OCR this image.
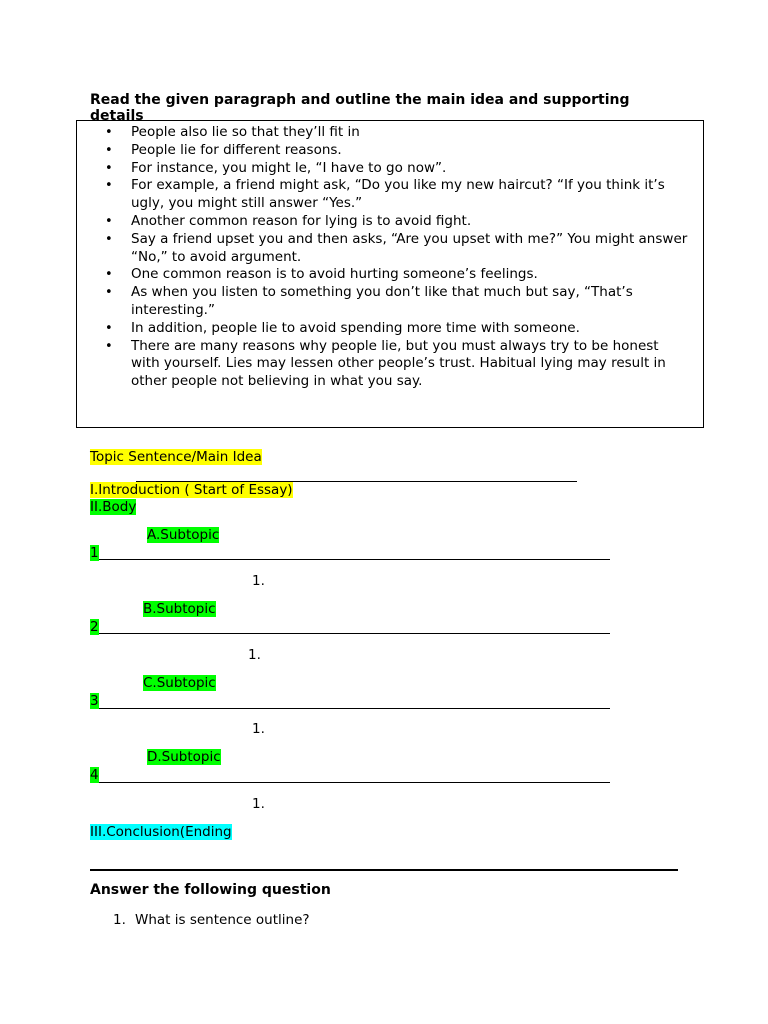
Read the given paragraph and outline the main idea and supporting details
• People also lie so that they’ll fit in
• People lie for different reasons.
• For instance, you might le, “I have to go now”.
• For example, a friend might ask, “Do you like my new haircut? “If you think it’s ugly, you might still answer “Yes.”
• Another common reason for lying is to avoid fight.
• Say a friend upset you and then asks, “Are you upset with me?” You might answer “No,” to avoid argument.
• One common reason is to avoid hurting someone’s feelings.
• As when you listen to something you don’t like that much but say, “That’s interesting.”
• In addition, people lie to avoid spending more time with someone.
• There are many reasons why people lie, but you must always try to be honest with yourself. Lies may lessen other people’s trust. Habitual lying may result in other people not believing in what you say.
Topic Sentence/Main Idea
I.Introduction ( Start of Essay)
II.Body
A.Subtopic
1
1.
B.Subtopic
2
1.
C.Subtopic
3
1.
D.Subtopic
4
1.
III.Conclusion(Ending
Answer the following question
1. What is sentence outline?
